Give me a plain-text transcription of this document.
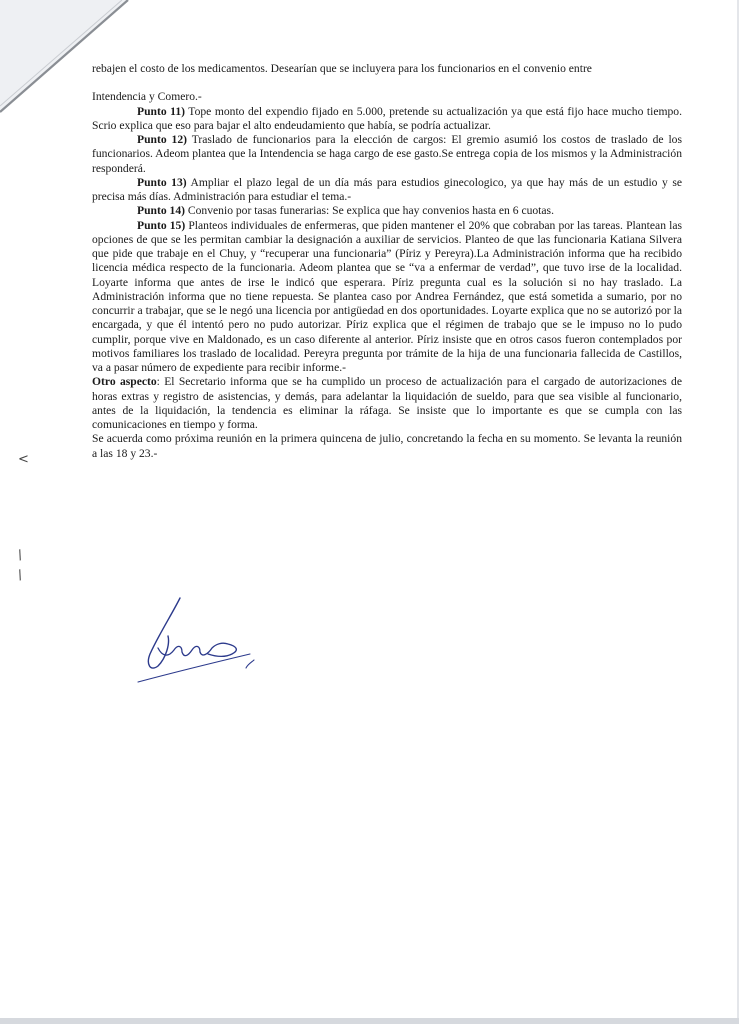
<
/
/

rebajen el costo de los medicamentos. Desearían que se incluyera para los funcionarios en el convenio entre

Intendencia y Comero.-

Punto 11) Tope monto del expendio fijado en 5.000, pretende su actualización ya que está fijo hace mucho tiempo. Scrio explica que eso para bajar el alto endeudamiento que había, se podría actualizar.

Punto 12) Traslado de funcionarios para la elección de cargos: El gremio asumió los costos de traslado de los funcionarios. Adeom plantea que la Intendencia se haga cargo de ese gasto.Se entrega copia de los mismos y la Administración responderá.

Punto 13) Ampliar el plazo legal de un día más para estudios ginecologico, ya que hay más de un estudio y se precisa más días. Administración para estudiar el tema.-

Punto 14) Convenio por tasas funerarias: Se explica que hay convenios hasta en 6 cuotas.

Punto 15) Planteos individuales de enfermeras, que piden mantener el 20% que cobraban por las tareas. Plantean las opciones de que se les permitan cambiar la designación a auxiliar de servicios. Planteo de que las funcionaria Katiana Silvera que pide que trabaje en el Chuy, y “recuperar una funcionaria” (Píriz y Pereyra).La Administración informa que ha recibido licencia médica respecto de la funcionaria. Adeom plantea que se “va a enfermar de verdad”, que tuvo irse de la localidad. Loyarte informa que antes de irse le indicó que esperara. Píriz pregunta cual es la solución si no hay traslado. La Administración informa que no tiene repuesta. Se plantea caso por Andrea Fernández, que está sometida a sumario, por no concurrir a trabajar, que se le negó una licencia por antigüedad en dos oportunidades. Loyarte explica que no se autorizó por la encargada, y que él intentó pero no pudo autorizar. Píriz explica que el régimen de trabajo que se le impuso no lo pudo cumplir, porque vive en Maldonado, es un caso diferente al anterior. Píriz insiste que en otros casos fueron contemplados por motivos familiares los traslado de localidad. Pereyra pregunta por trámite de la hija de una funcionaria fallecida de Castillos, va a pasar número de expediente para recibir informe.-

Otro aspecto: El Secretario informa que se ha cumplido un proceso de actualización para el cargado de autorizaciones de horas extras y registro de asistencias, y demás, para adelantar la liquidación de sueldo, para que sea visible al funcionario, antes de la liquidación, la tendencia es eliminar la ráfaga. Se insiste que lo importante es que se cumpla con las comunicaciones en tiempo y forma.

Se acuerda como próxima reunión en la primera quincena de julio, concretando la fecha en su momento. Se levanta la reunión a las 18 y 23.-
